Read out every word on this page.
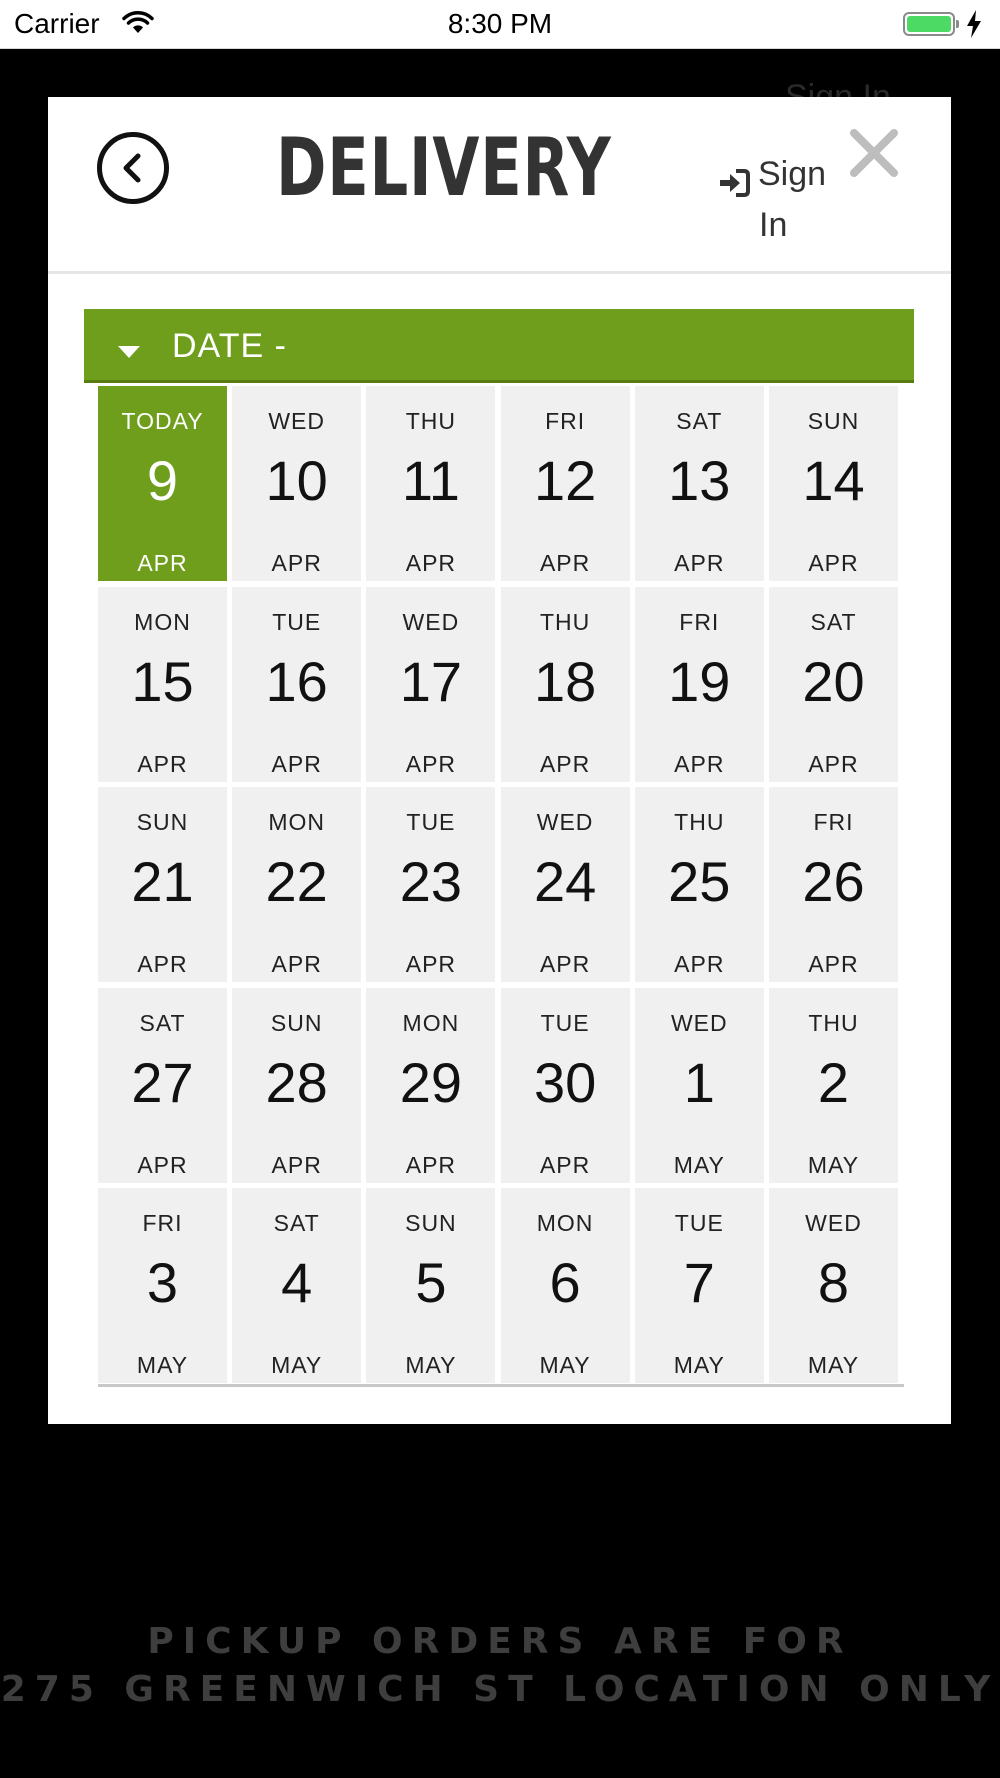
Carrier	8:30 PM
PICKUP ORDERS ARE FOR
275 GREENWICH ST LOCATION ONLY
DELIVERY	Sign
In
DATE -
TODAY
9
APR
WED
10
APR
THU
11
APR
FRI
12
APR
SAT
13
APR
SUN
14
APR
MON
15
APR
TUE
16
APR
WED
17
APR
THU
18
APR
FRI
19
APR
SAT
20
APR
SUN
21
APR
MON
22
APR
TUE
23
APR
WED
24
APR
THU
25
APR
FRI
26
APR
SAT
27
APR
SUN
28
APR
MON
29
APR
TUE
30
APR
WED
1
MAY
THU
2
MAY
FRI
3
MAY
SAT
4
MAY
SUN
5
MAY
MON
6
MAY
TUE
7
MAY
WED
8
MAY
